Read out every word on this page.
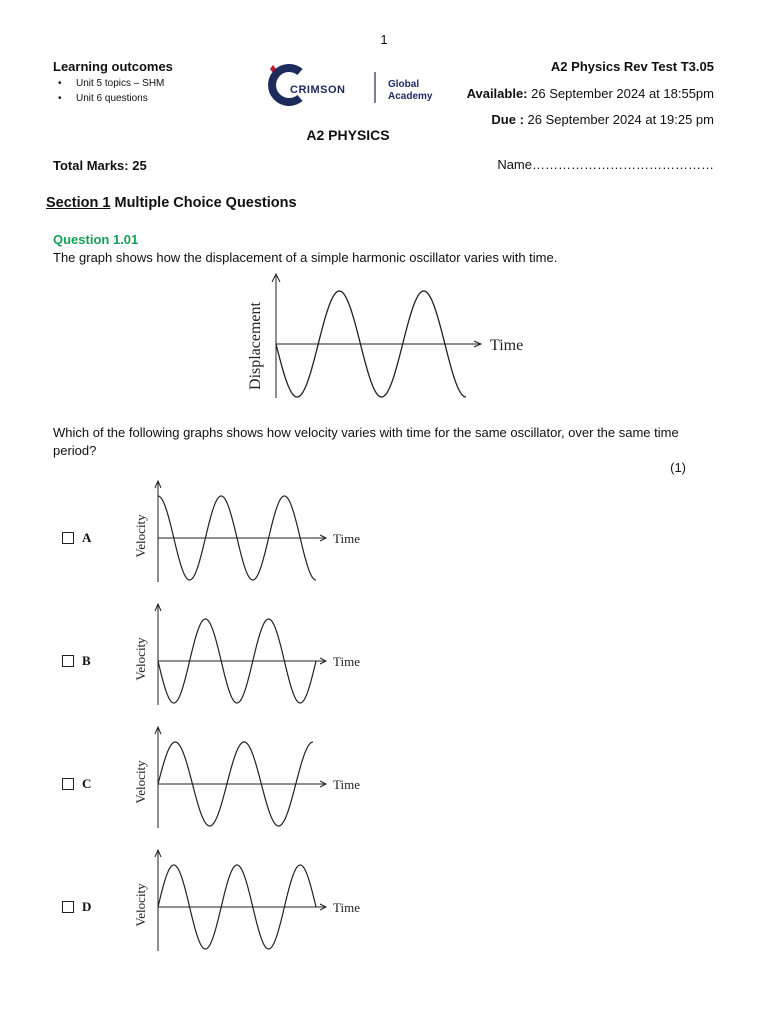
1
Learning outcomes
• Unit 5 topics – SHM
• Unit 6 questions
CRIMSON	Global
Academy
A2 Physics Rev Test T3.05
Available: 26 September 2024 at 18:55pm
Due : 26 September 2024 at 19:25 pm
A2 PHYSICS
Total Marks: 25	Name……………………………………
Section 1 Multiple Choice Questions
Question 1.01
The graph shows how the displacement of a simple harmonic oscillator varies with time.
Time
Displacement
Which of the following graphs shows how velocity varies with time for the same oscillator, over the same time period?
(1)
A	Time
Velocity
B	Time
Velocity
C	Time
Velocity
D	Time
Velocity
